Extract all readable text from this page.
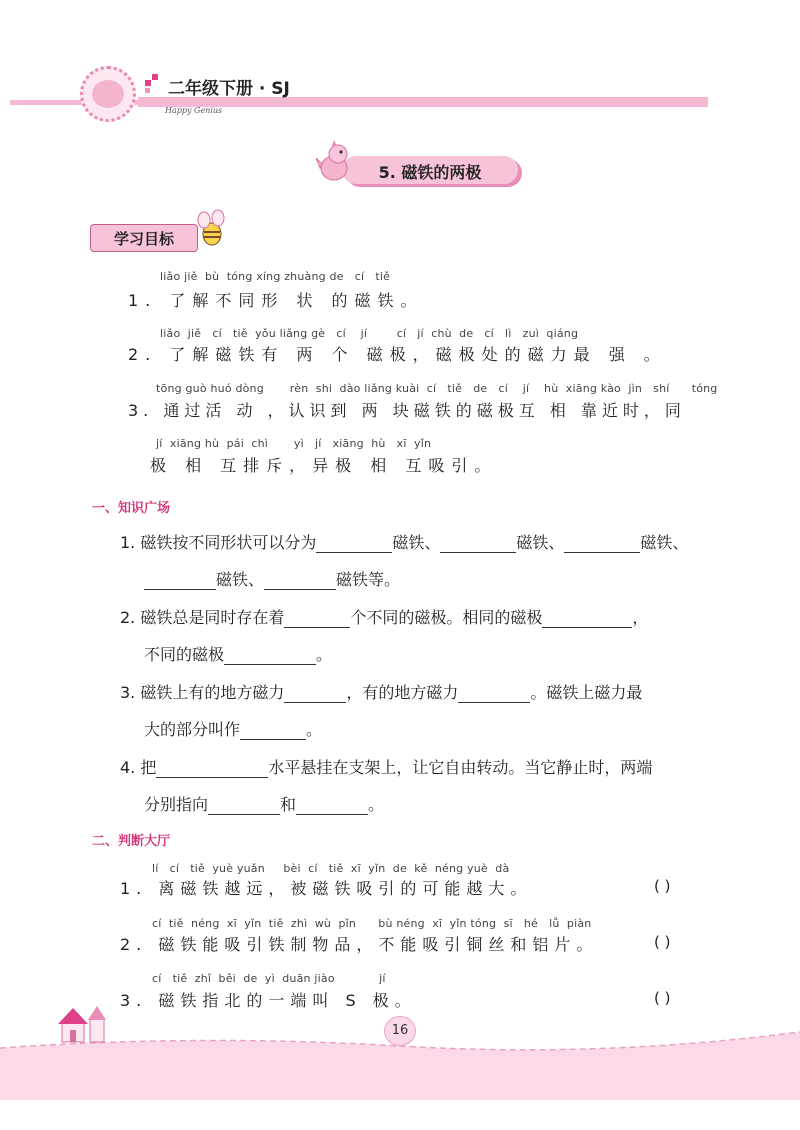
二年级下册 · SJ
Happy Genius
5. 磁铁的两极
学习目标
liǎo jiě  bù  tóng xíng zhuàng de   cí   tiě
1. 了解不同形 状 的磁铁。
liǎo  jiě   cí   tiě  yǒu liǎng gè   cí    jí        cí   jí  chù  de   cí   lì   zuì  qiáng
2. 了解磁铁有 两 个 磁极，磁极处的磁力最 强 。
tōng guò huó dòng       rèn  shi  dào liǎng kuài  cí   tiě   de   cí    jí    hù  xiāng kào  jìn   shí      tóng
3. 通过活 动 ，认识到 两 块磁铁的磁极互 相 靠近时，同
jí  xiāng hù  pái  chì       yì   jí   xiāng  hù   xī  yǐn
极 相 互排斥，异极 相 互吸引。
一、知识广场
1. 磁铁按不同形状可以分为	磁铁、	磁铁、	磁铁、
磁铁、	磁铁等。
2. 磁铁总是同时存在着	个不同的磁极。相同的磁极	，
不同的磁极	。
3. 磁铁上有的地方磁力	，有的地方磁力	。磁铁上磁力最
大的部分叫作	。
4. 把	水平悬挂在支架上，让它自由转动。当它静止时，两端
分别指向	和	。
二、判断大厅
lí   cí   tiě  yuè yuǎn     bèi  cí   tiě  xī  yǐn  de  kě  néng yuè  dà
1. 离磁铁越远，被磁铁吸引的可能越大。	( )
cí  tiě  néng  xī  yǐn  tiě  zhì  wù  pǐn      bù néng  xī  yǐn tóng  sī   hé   lǚ  piàn
2. 磁铁能吸引铁制物品，不能吸引铜丝和铝片。	( )
cí   tiě  zhǐ  běi  de  yì  duān jiào            jí
3. 磁铁指北的一端叫 S 极。	( )
16
